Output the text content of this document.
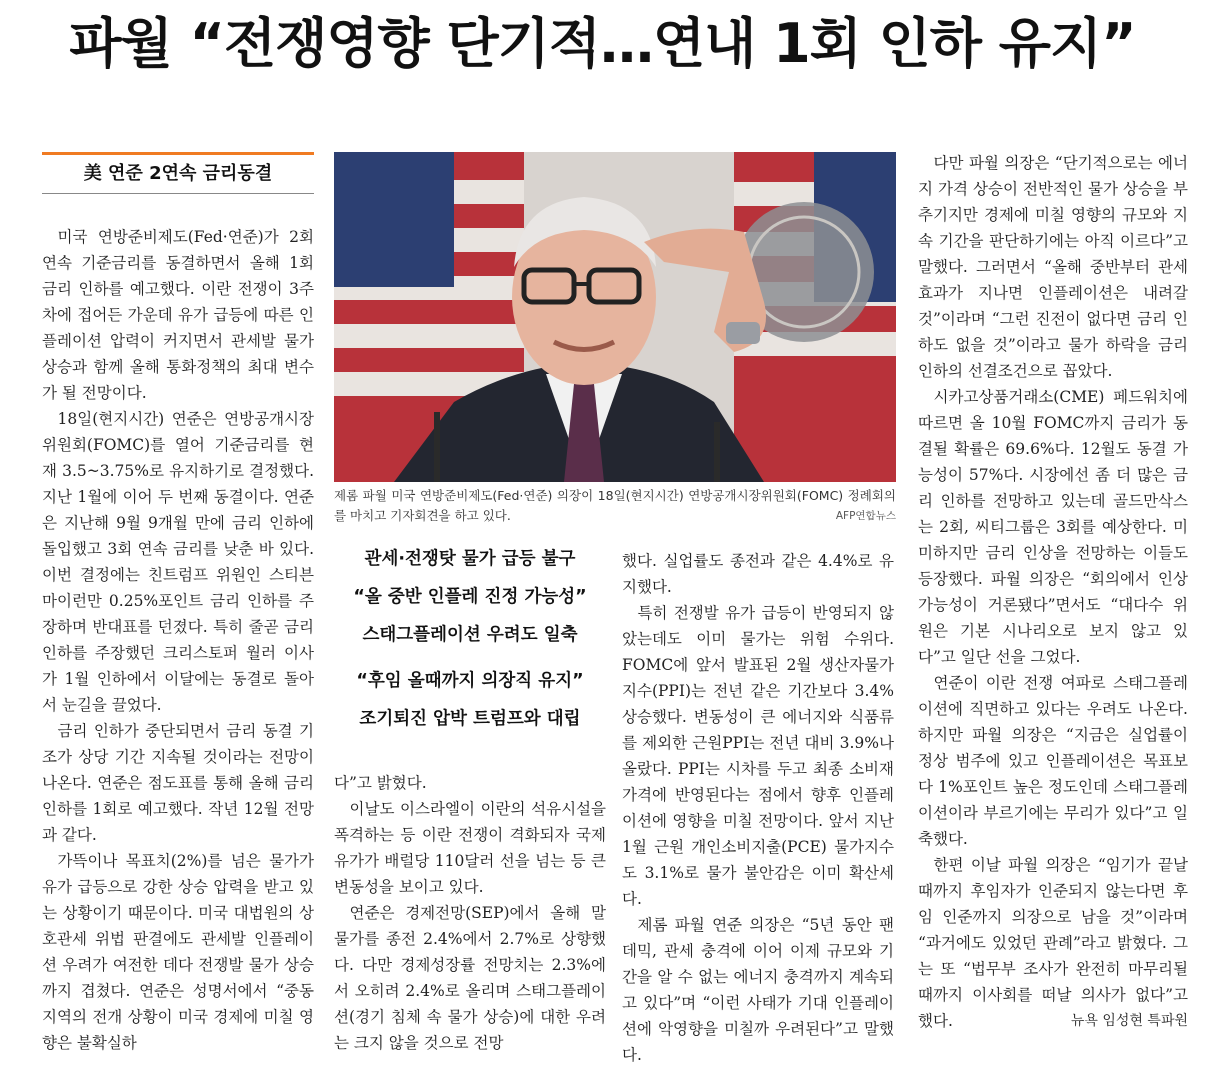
파월 “전쟁영향 단기적…연내 1회 인하 유지”
美 연준 2연속 금리동결

미국 연방준비제도(Fed·연준)가 2회 연속 기준금리를 동결하면서 올해 1회 금리 인하를 예고했다. 이란 전쟁이 3주 차에 접어든 가운데 유가 급등에 따른 인플레이션 압력이 커지면서 관세발 물가 상승과 함께 올해 통화정책의 최대 변수가 될 전망이다.

18일(현지시간) 연준은 연방공개시장위원회(FOMC)를 열어 기준금리를 현재 3.5~3.75%로 유지하기로 결정했다. 지난 1월에 이어 두 번째 동결이다. 연준은 지난해 9월 9개월 만에 금리 인하에 돌입했고 3회 연속 금리를 낮춘 바 있다. 이번 결정에는 친트럼프 위원인 스티븐 마이런만 0.25%포인트 금리 인하를 주장하며 반대표를 던졌다. 특히 줄곧 금리 인하를 주장했던 크리스토퍼 월러 이사가 1월 인하에서 이달에는 동결로 돌아서 눈길을 끌었다.

금리 인하가 중단되면서 금리 동결 기조가 상당 기간 지속될 것이라는 전망이 나온다. 연준은 점도표를 통해 올해 금리 인하를 1회로 예고했다. 작년 12월 전망과 같다.

가뜩이나 목표치(2%)를 넘은 물가가 유가 급등으로 강한 상승 압력을 받고 있는 상황이기 때문이다. 미국 대법원의 상호관세 위법 판결에도 관세발 인플레이션 우려가 여전한 데다 전쟁발 물가 상승까지 겹쳤다. 연준은 성명서에서 “중동 지역의 전개 상황이 미국 경제에 미칠 영향은 불확실하

제롬 파월 미국 연방준비제도(Fed·연준) 의장이 18일(현지시간) 연방공개시장위원회(FOMC) 정례회의를 마치고 기자회견을 하고 있다.	AFP연합뉴스
관세·전쟁탓 물가 급등 불구
“올 중반 인플레 진정 가능성”
스태그플레이션 우려도 일축
“후임 올때까지 의장직 유지”
조기퇴진 압박 트럼프와 대립

다”고 밝혔다.

이날도 이스라엘이 이란의 석유시설을 폭격하는 등 이란 전쟁이 격화되자 국제유가가 배럴당 110달러 선을 넘는 등 큰 변동성을 보이고 있다.

연준은 경제전망(SEP)에서 올해 말 물가를 종전 2.4%에서 2.7%로 상향했다. 다만 경제성장률 전망치는 2.3%에서 오히려 2.4%로 올리며 스태그플레이션(경기 침체 속 물가 상승)에 대한 우려는 크지 않을 것으로 전망

했다. 실업률도 종전과 같은 4.4%로 유지했다.

특히 전쟁발 유가 급등이 반영되지 않았는데도 이미 물가는 위험 수위다. FOMC에 앞서 발표된 2월 생산자물가지수(PPI)는 전년 같은 기간보다 3.4% 상승했다. 변동성이 큰 에너지와 식품류를 제외한 근원PPI는 전년 대비 3.9%나 올랐다. PPI는 시차를 두고 최종 소비재 가격에 반영된다는 점에서 향후 인플레이션에 영향을 미칠 전망이다. 앞서 지난 1월 근원 개인소비지출(PCE) 물가지수도 3.1%로 물가 불안감은 이미 확산세다.

제롬 파월 연준 의장은 “5년 동안 팬데믹, 관세 충격에 이어 이제 규모와 기간을 알 수 없는 에너지 충격까지 계속되고 있다”며 “이런 사태가 기대 인플레이션에 악영향을 미칠까 우려된다”고 말했다.

다만 파월 의장은 “단기적으로는 에너지 가격 상승이 전반적인 물가 상승을 부추기지만 경제에 미칠 영향의 규모와 지속 기간을 판단하기에는 아직 이르다”고 말했다. 그러면서 “올해 중반부터 관세 효과가 지나면 인플레이션은 내려갈 것”이라며 “그런 진전이 없다면 금리 인하도 없을 것”이라고 물가 하락을 금리 인하의 선결조건으로 꼽았다.

시카고상품거래소(CME) 페드워치에 따르면 올 10월 FOMC까지 금리가 동결될 확률은 69.6%다. 12월도 동결 가능성이 57%다. 시장에선 좀 더 많은 금리 인하를 전망하고 있는데 골드만삭스는 2회, 씨티그룹은 3회를 예상한다. 미미하지만 금리 인상을 전망하는 이들도 등장했다. 파월 의장은 “회의에서 인상 가능성이 거론됐다”면서도 “대다수 위원은 기본 시나리오로 보지 않고 있다”고 일단 선을 그었다.

연준이 이란 전쟁 여파로 스태그플레이션에 직면하고 있다는 우려도 나온다. 하지만 파월 의장은 “지금은 실업률이 정상 범주에 있고 인플레이션은 목표보다 1%포인트 높은 정도인데 스태그플레이션이라 부르기에는 무리가 있다”고 일축했다.

한편 이날 파월 의장은 “임기가 끝날 때까지 후임자가 인준되지 않는다면 후임 인준까지 의장으로 남을 것”이라며 “과거에도 있었던 관례”라고 밝혔다. 그는 또 “법무부 조사가 완전히 마무리될 때까지 이사회를 떠날 의사가 없다”고 했다.	뉴욕 임성현 특파원
